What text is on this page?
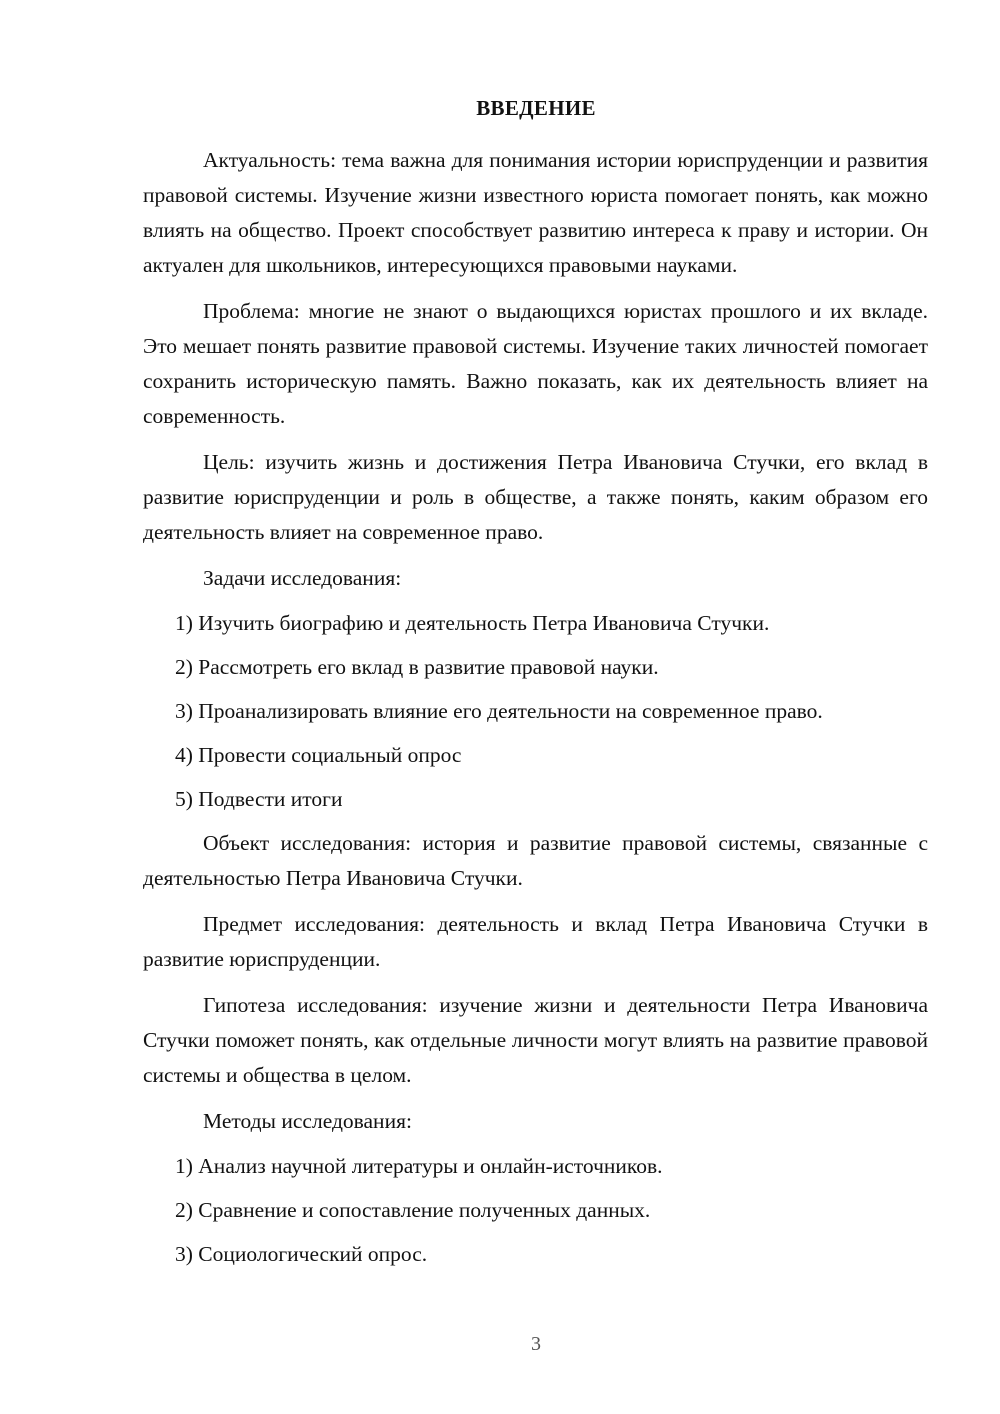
ВВЕДЕНИЕ

Актуальность: тема важна для понимания истории юриспруденции и развития правовой системы. Изучение жизни известного юриста помогает понять, как можно влиять на общество. Проект способствует развитию интереса к праву и истории. Он актуален для школьников, интересующихся правовыми науками.

Проблема: многие не знают о выдающихся юристах прошлого и их вкладе. Это мешает понять развитие правовой системы. Изучение таких личностей помогает сохранить историческую память. Важно показать, как их деятельность влияет на современность.

Цель: изучить жизнь и достижения Петра Ивановича Стучки, его вклад в развитие юриспруденции и роль в обществе, а также понять, каким образом его деятельность влияет на современное право.

Задачи исследования:

1) Изучить биографию и деятельность Петра Ивановича Стучки.

2) Рассмотреть его вклад в развитие правовой науки.

3) Проанализировать влияние его деятельности на современное право.

4) Провести социальный опрос

5) Подвести итоги

Объект исследования: история и развитие правовой системы, связанные с деятельностью Петра Ивановича Стучки.

Предмет исследования: деятельность и вклад Петра Ивановича Стучки в развитие юриспруденции.

Гипотеза исследования: изучение жизни и деятельности Петра Ивановича Стучки поможет понять, как отдельные личности могут влиять на развитие правовой системы и общества в целом.

Методы исследования:

1) Анализ научной литературы и онлайн-источников.

2) Сравнение и сопоставление полученных данных.

3) Социологический опрос.

3
